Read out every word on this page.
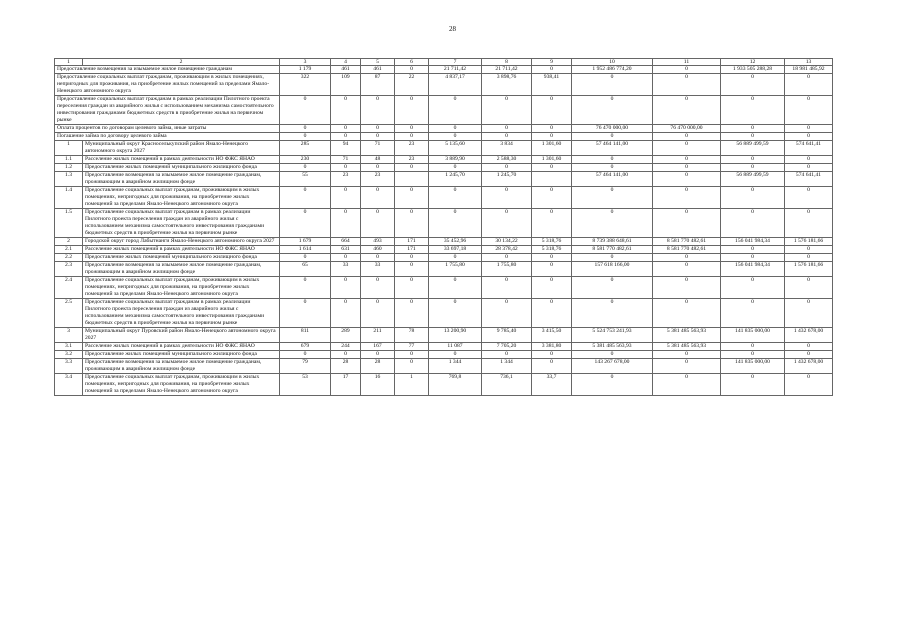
28
1	2	3	4	5	6	7	8	9	10	11	12	13
Предоставление возмещения за изымаемое жилое помещение гражданам		1 179	461	461	0	21 711,42	21 711,42	0	1 952 486 774,20	0	1 933 505 288,28	18 981 485,92
Предоставление социальных выплат гражданам, проживающим в жилых помещениях, непригодных для проживания, на приобретение жилых помещений за пределами Ямало-Ненецкого автономного округа		322	109	87	22	4 837,17	3 898,76	938,41	0	0	0	0
Предоставление социальных выплат гражданам в рамках реализации Пилотного проекта переселения граждан из аварийного жилья с использованием механизма самостоятельного инвестирования гражданами бюджетных средств в приобретение жилья на первичном рынке		0	0	0	0	0	0	0	0	0	0	0
Оплата процентов по договорам целевого займа, иные затраты		0	0	0	0	0	0	0	76 470 000,00	76 470 000,00	0	0
Погашение займа по договору целевого займа		0	0	0	0	0	0	0	0	0	0	0
1	Муниципальный округ Красноселькупский район Ямало-Ненецкого автономного округа 2027	285	94	71	23	5 135,60	3 834	1 301,60	57 464 141,00	0	56 889 499,59	574 641,41
1.1	Расселение жилых помещений в рамках деятельности НО ФЖС ЯНАО	230	71	48	23	3 889,90	2 588,30	1 301,60	0	0	0	0
1.2	Предоставление жилых помещений муниципального жилищного фонда	0	0	0	0	0	0	0	0	0	0	0
1.3	Предоставление возмещения за изымаемое жилое помещение гражданам, проживающим в аварийном жилищном фонде	55	23	23		1 245,70	1 245,70		57 464 141,00	0	56 889 499,59	574 641,41
1.4	Предоставление социальных выплат гражданам, проживающим в жилых помещениях, непригодных для проживания, на приобретение жилых помещений за пределами Ямало-Ненецкого автономного округа	0	0	0	0	0	0	0	0	0	0	0
1.5	Предоставление социальных выплат гражданам в рамках реализации Пилотного проекта переселения граждан из аварийного жилья с использованием механизма самостоятельного инвестирования гражданами бюджетных средств в приобретение жилья на первичном рынке	0	0	0	0	0	0	0	0	0	0	0
2	Городской округ город Лабытнанги Ямало-Ненецкого автономного округа 2027	1 679	664	493	171	35 452,96	30 134,22	5 318,76	8 739 388 648,61	8 581 770 482,61	156 041 984,34	1 576 181,66
2.1	Расселение жилых помещений в рамках деятельности НО ФЖС ЯНАО	1 614	631	460	171	33 697,18	28 378,42	5 318,76	8 581 770 482,61	8 581 770 482,61	0	0
2.2	Предоставление жилых помещений муниципального жилищного фонда	0	0	0	0	0	0	0	0	0	0	0
2.3	Предоставление возмещения за изымаемое жилое помещение гражданам, проживающим в аварийном жилищном фонде	65	33	33	0	1 755,80	1 755,80	0	157 618 166,00	0	156 041 984,34	1 576 181,66
2.4	Предоставление социальных выплат гражданам, проживающим в жилых помещениях, непригодных для проживания, на приобретение жилых помещений за пределами Ямало-Ненецкого автономного округа	0	0	0	0	0	0	0	0	0	0	0
2.5	Предоставление социальных выплат гражданам в рамках реализации Пилотного проекта переселения граждан из аварийного жилья с использованием механизма самостоятельного инвестирования гражданами бюджетных средств в приобретение жилья на первичном рынке	0	0	0	0	0	0	0	0	0	0	0
3	Муниципальный округ Пуровский район Ямало-Ненецкого автономного округа 2027	811	289	211	78	13 200,90	9 785,40	3 415,50	5 524 753 241,93	5 381 485 563,93	141 835 000,00	1 432 678,00
3.1	Расселение жилых помещений в рамках деятельности НО ФЖС ЯНАО	679	244	167	77	11 087	7 705,20	3 381,80	5 381 485 563,93	5 381 485 563,93	0	0
3.2	Предоставление жилых помещений муниципального жилищного фонда	0	0	0	0	0	0	0	0	0	0	0
3.3	Предоставление возмещения за изымаемое жилое помещение гражданам, проживающим в аварийном жилищном фонде	79	28	28	0	1 344	1 344	0	143 267 678,00	0	141 835 000,00	1 432 678,00
3.4	Предоставление социальных выплат гражданам, проживающим в жилых помещениях, непригодных для проживания, на приобретение жилых помещений за пределами Ямало-Ненецкого автономного округа	53	17	16	1	769,8	736,1	33,7	0	0	0	0
